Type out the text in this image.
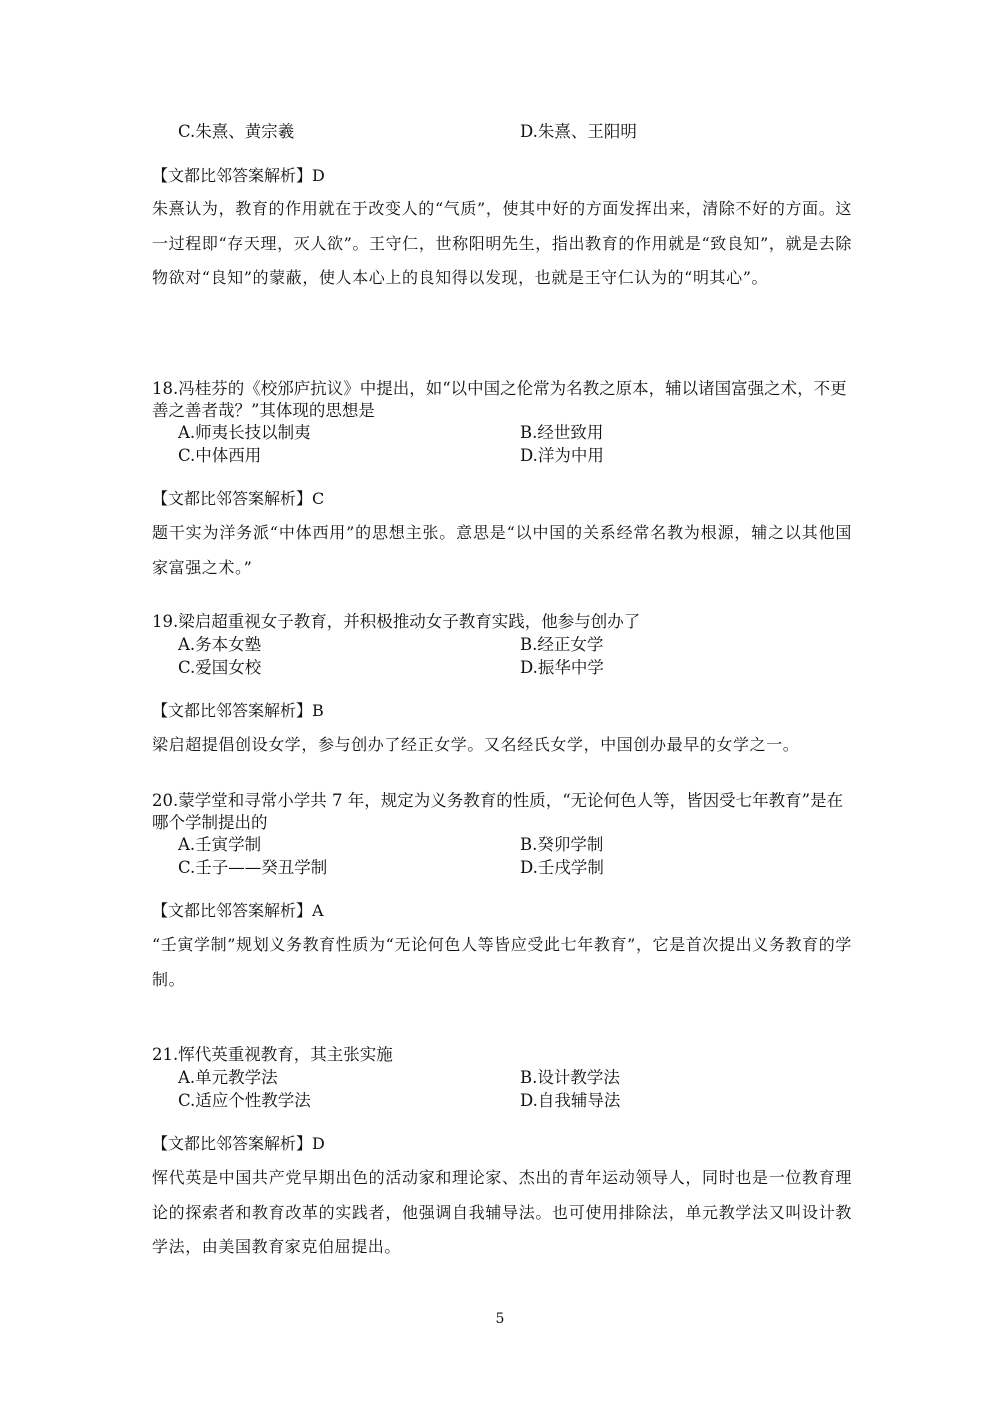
C.朱熹、黄宗羲	D.朱熹、王阳明
【文都比邻答案解析】D
朱熹认为，教育的作用就在于改变人的“气质”，使其中好的方面发挥出来，清除不好的方面。这一过程即“存天理，灭人欲”。王守仁，世称阳明先生，指出教育的作用就是“致良知”，就是去除物欲对“良知”的蒙蔽，使人本心上的良知得以发现，也就是王守仁认为的“明其心”。
18.冯桂芬的《校邠庐抗议》中提出，如“以中国之伦常为名教之原本，辅以诸国富强之术，不更善之善者哉？”其体现的思想是
A.师夷长技以制夷	B.经世致用
C.中体西用	D.洋为中用
【文都比邻答案解析】C
题干实为洋务派“中体西用”的思想主张。意思是“以中国的关系经常名教为根源，辅之以其他国家富强之术。”
19.梁启超重视女子教育，并积极推动女子教育实践，他参与创办了
A.务本女塾	B.经正女学
C.爱国女校	D.振华中学
【文都比邻答案解析】B
梁启超提倡创设女学，参与创办了经正女学。又名经氏女学，中国创办最早的女学之一。
20.蒙学堂和寻常小学共 7 年，规定为义务教育的性质，“无论何色人等，皆因受七年教育”是在哪个学制提出的
A.壬寅学制	B.癸卯学制
C.壬子——癸丑学制	D.壬戌学制
【文都比邻答案解析】A
“壬寅学制”规划义务教育性质为“无论何色人等皆应受此七年教育”，它是首次提出义务教育的学制。
21.恽代英重视教育，其主张实施
A.单元教学法	B.设计教学法
C.适应个性教学法	D.自我辅导法
【文都比邻答案解析】D
恽代英是中国共产党早期出色的活动家和理论家、杰出的青年运动领导人，同时也是一位教育理论的探索者和教育改革的实践者，他强调自我辅导法。也可使用排除法，单元教学法又叫设计教学法，由美国教育家克伯屈提出。
5
